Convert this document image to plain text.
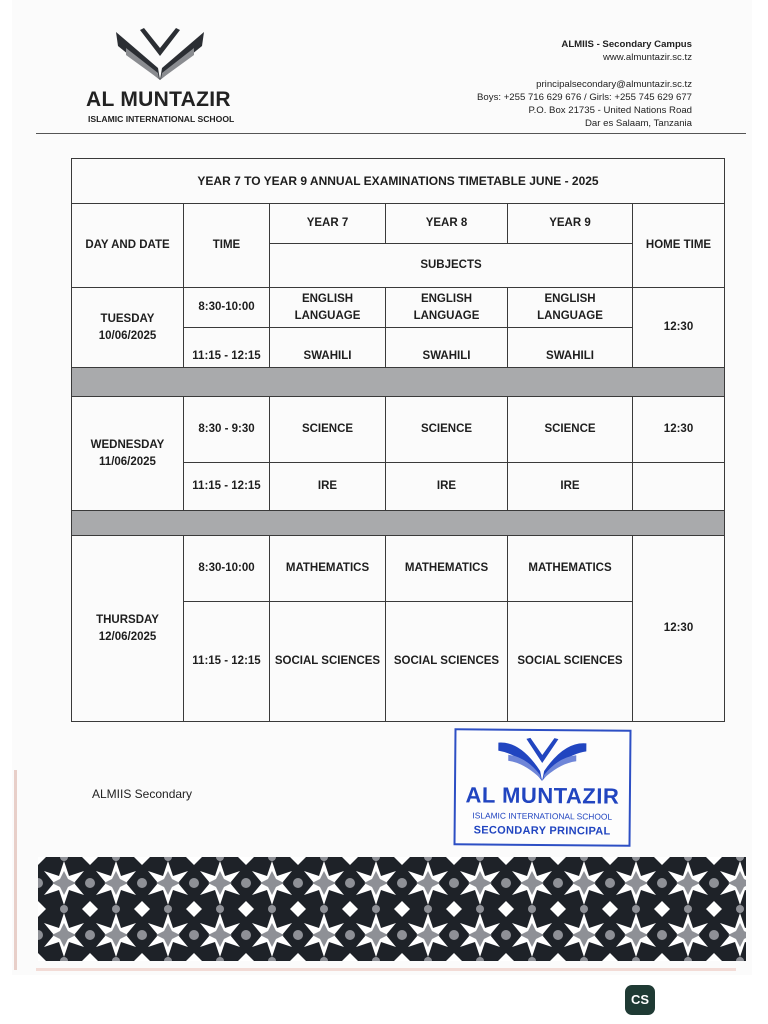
AL MUNTAZIR
ISLAMIC INTERNATIONAL SCHOOL
ALMIIS - Secondary Campus
www.almuntazir.sc.tz
principalsecondary@almuntazir.sc.tz
Boys: +255 716 629 676 / Girls: +255 745 629 677
P.O. Box 21735 - United Nations Road
Dar es Salaam, Tanzania
YEAR 7 TO YEAR 9 ANNUAL EXAMINATIONS TIMETABLE JUNE - 2025					
DAY AND DATE	TIME	YEAR 7	YEAR 8	YEAR 9	HOME TIME
		SUBJECTS			

TUESDAY
10/06/2025	8:30-10:00	ENGLISH LANGUAGE	ENGLISH LANGUAGE	ENGLISH LANGUAGE	12:30
	11:15 - 12:15	SWAHILI	SWAHILI	SWAHILI	

WEDNESDAY
11/06/2025	8:30 - 9:30	SCIENCE	SCIENCE	SCIENCE	12:30
	11:15 - 12:15	IRE	IRE	IRE	

THURSDAY
12/06/2025	8:30-10:00	MATHEMATICS	MATHEMATICS	MATHEMATICS	12:30
	11:15 - 12:15	SOCIAL SCIENCES	SOCIAL SCIENCES	SOCIAL SCIENCES	
ALMIIS Secondary	AL MUNTAZIR
ISLAMIC INTERNATIONAL SCHOOL
SECONDARY PRINCIPAL
CS
